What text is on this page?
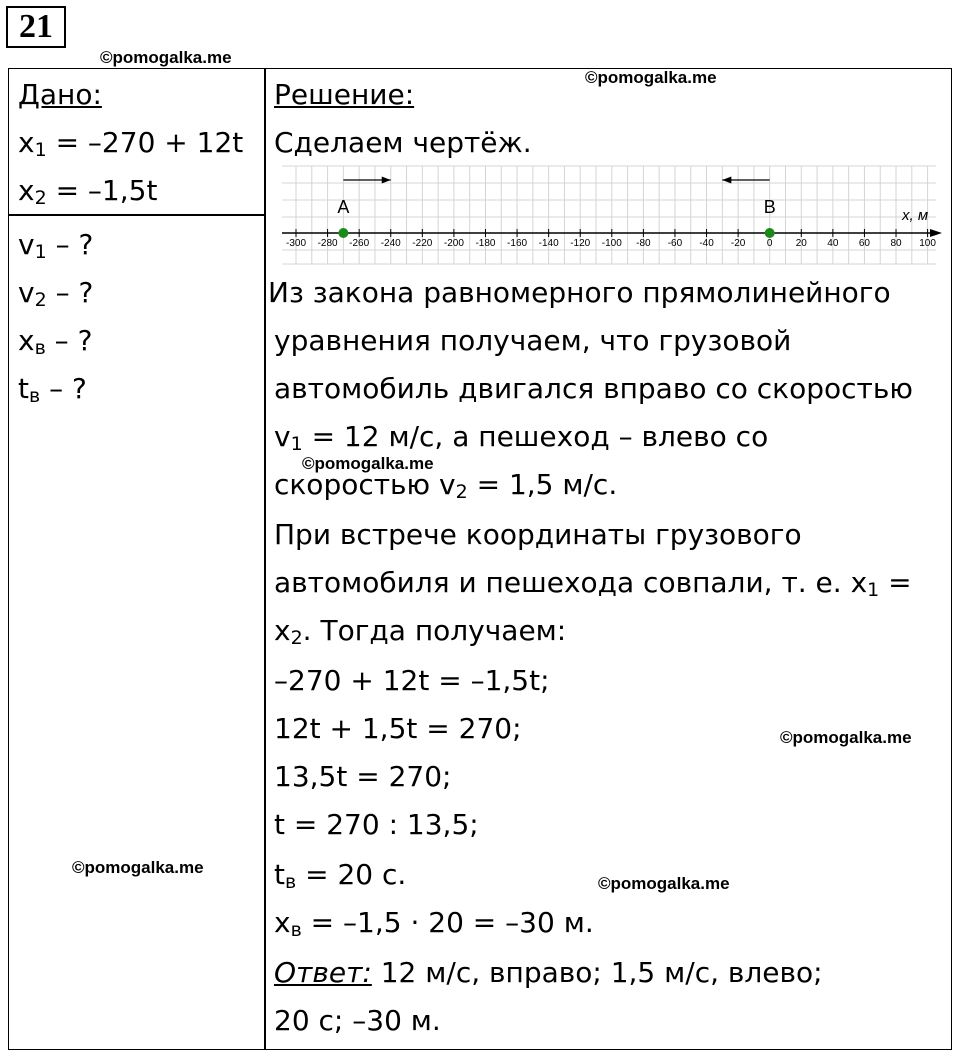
21
©pomogalka.me
©pomogalka.me
©pomogalka.me
©pomogalka.me
©pomogalka.me
©pomogalka.me
Дано:
$x_1 = -270 + 12t$
$x_2 = -1,5t$
$v_1$ – ?
$v_2$ – ?
$x_в$ – ?
$t_в$ – ?
Решение:
Сделаем чертёж.
x, м
-300 -280 -260 -240 -220 -200 -180 -160 -140 -120 -100 -80 -60 -40 -20 0 20 40 60 80 100
A	B
Из закона равномерного прямолинейного
уравнения получаем, что грузовой
автомобиль двигался вправо со скоростью
$v_1 = 12$ м/с, а пешеход – влево со
скоростью $v_2 = 1,5$ м/с.
При встрече координаты грузового
автомобиля и пешехода совпали, т. е. $x_1$ =
$x_2$. Тогда получаем:
–270 + 12t = –1,5t;
12t + 1,5t = 270;
13,5t = 270;
t = 270 : 13,5;
$t_в = 20$ с.
$x_в = -1,5 \cdot 20 = -30$ м.
Ответ: 12 м/с, вправо; 1,5 м/с, влево;
20 с; –30 м.
